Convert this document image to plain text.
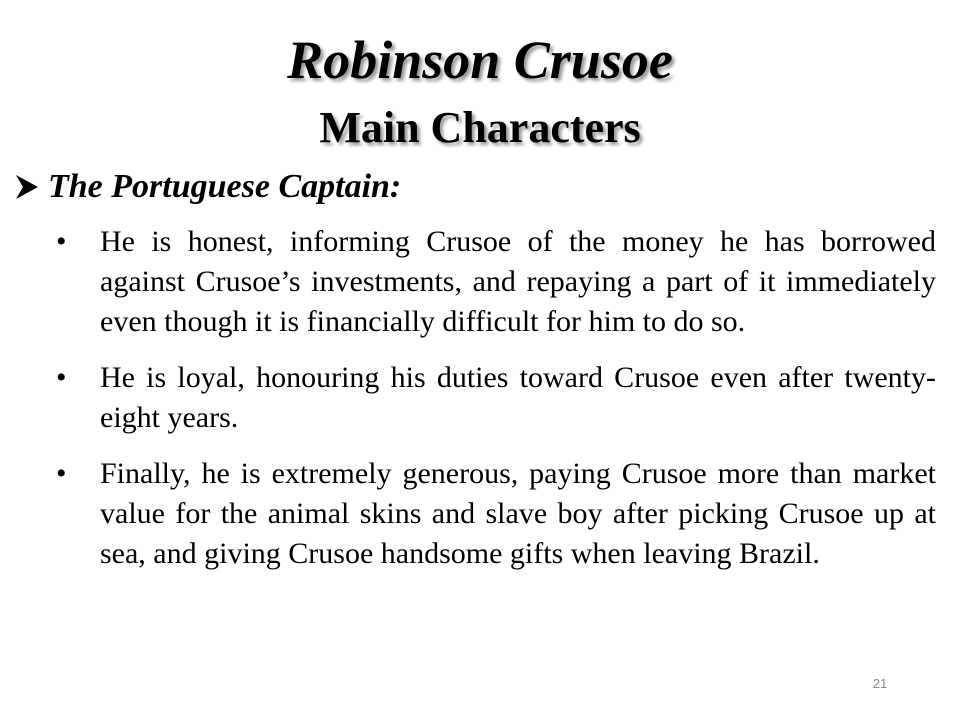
Robinson Crusoe
Main Characters
The Portuguese Captain:
• He is honest, informing Crusoe of the money he has borrowed against Crusoe’s investments, and repaying a part of it immediately even though it is financially difficult for him to do so.
• He is loyal, honouring his duties toward Crusoe even after twenty-eight years.
• Finally, he is extremely generous, paying Crusoe more than market value for the animal skins and slave boy after picking Crusoe up at sea, and giving Crusoe handsome gifts when leaving Brazil.
21
